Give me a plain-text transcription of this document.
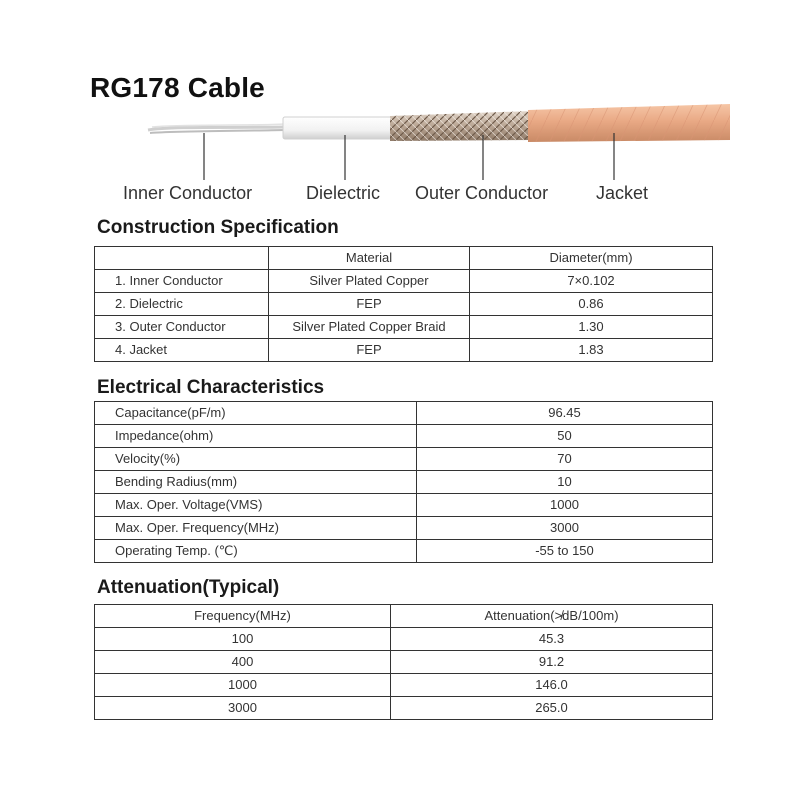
RG178 Cable
Inner Conductor	Dielectric Outer Conductor	Jacket
Construction Specification
	Material	Diameter(mm)
1. Inner Conductor	Silver Plated Copper	7×0.102
2. Dielectric	FEP	0.86
3. Outer Conductor	Silver Plated Copper Braid	1.30
4. Jacket	FEP	1.83
Electrical Characteristics
Capacitance(pF/m)	96.45
Impedance(ohm)	50
Velocity(%)	70
Bending Radius(mm)	10
Max. Oper. Voltage(VMS)	1000
Max. Oper. Frequency(MHz)	3000
Operating Temp. (℃)	-55 to 150
Attenuation(Typical)
Frequency(MHz)	Attenuation(≯dB/100m)
100	45.3
400	91.2
1000	146.0
3000	265.0
